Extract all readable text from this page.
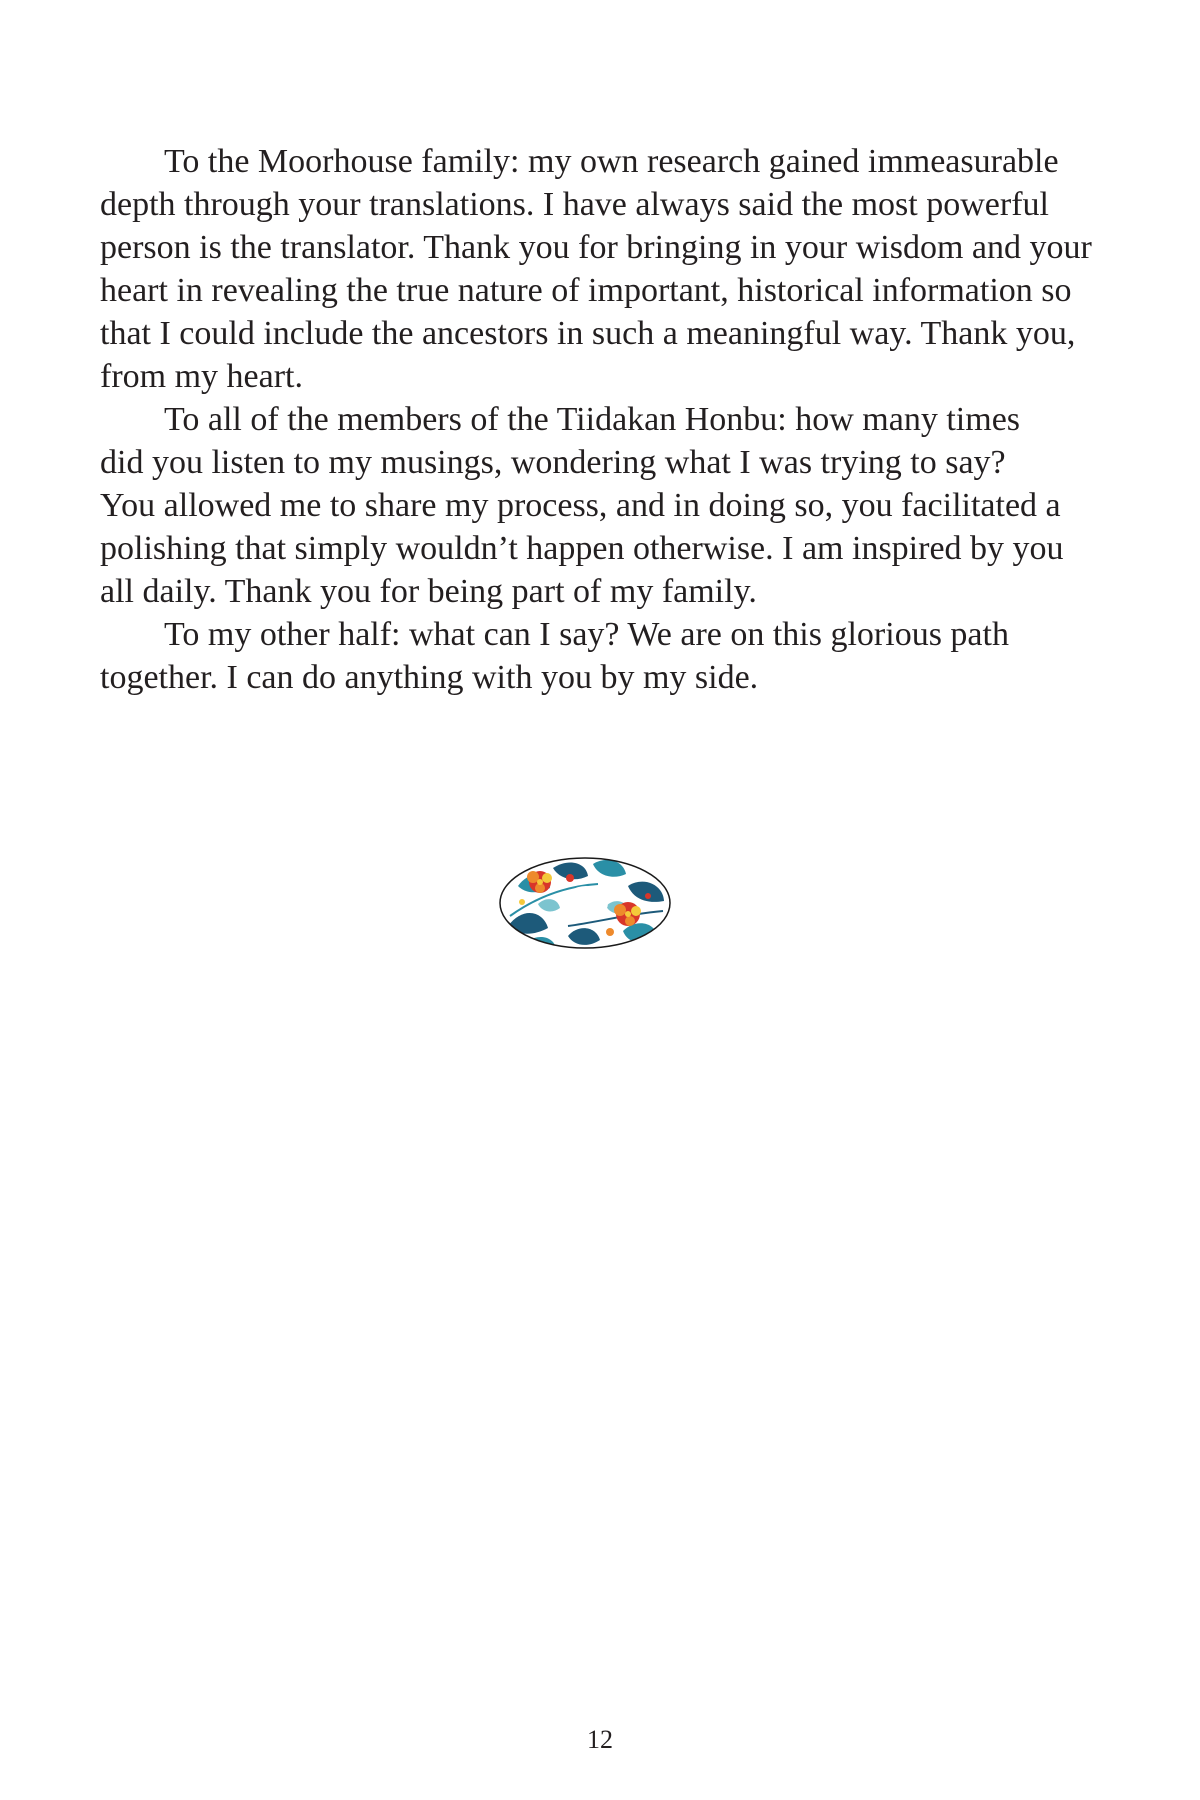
To the Moorhouse family: my own research gained immeasurable
depth through your translations. I have always said the most powerful
person is the translator. Thank you for bringing in your wisdom and your
heart in revealing the true nature of important, historical information so
that I could include the ancestors in such a meaningful way. Thank you,
from my heart.

To all of the members of the Tiidakan Honbu: how many times
did you listen to my musings, wondering what I was trying to say?
You allowed me to share my process, and in doing so, you facilitated a
polishing that simply wouldn’t happen otherwise. I am inspired by you
all daily. Thank you for being part of my family.

To my other half: what can I say? We are on this glorious path
together. I can do anything with you by my side.

12
